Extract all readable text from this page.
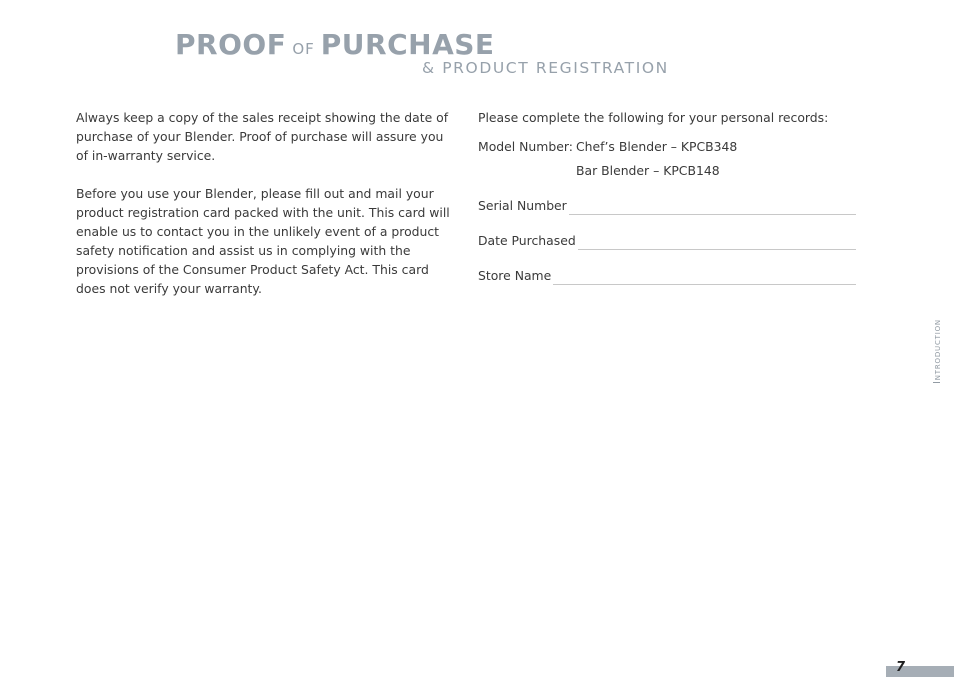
PROOF OF PURCHASE
& PRODUCT REGISTRATION

Always keep a copy of the sales receipt showing the date of purchase of your Blender. Proof of purchase will assure you of in-warranty service.

Before you use your Blender, please fill out and mail your product registration card packed with the unit. This card will enable us to contact you in the unlikely event of a product safety notification and assist us in complying with the provisions of the Consumer Product Safety Act. This card does not verify your warranty.

Please complete the following for your personal records:

Model Number: Chef’s Blender – KPCB348
Bar Blender – KPCB148
Serial Number
Date Purchased
Store Name
Introduction
7
